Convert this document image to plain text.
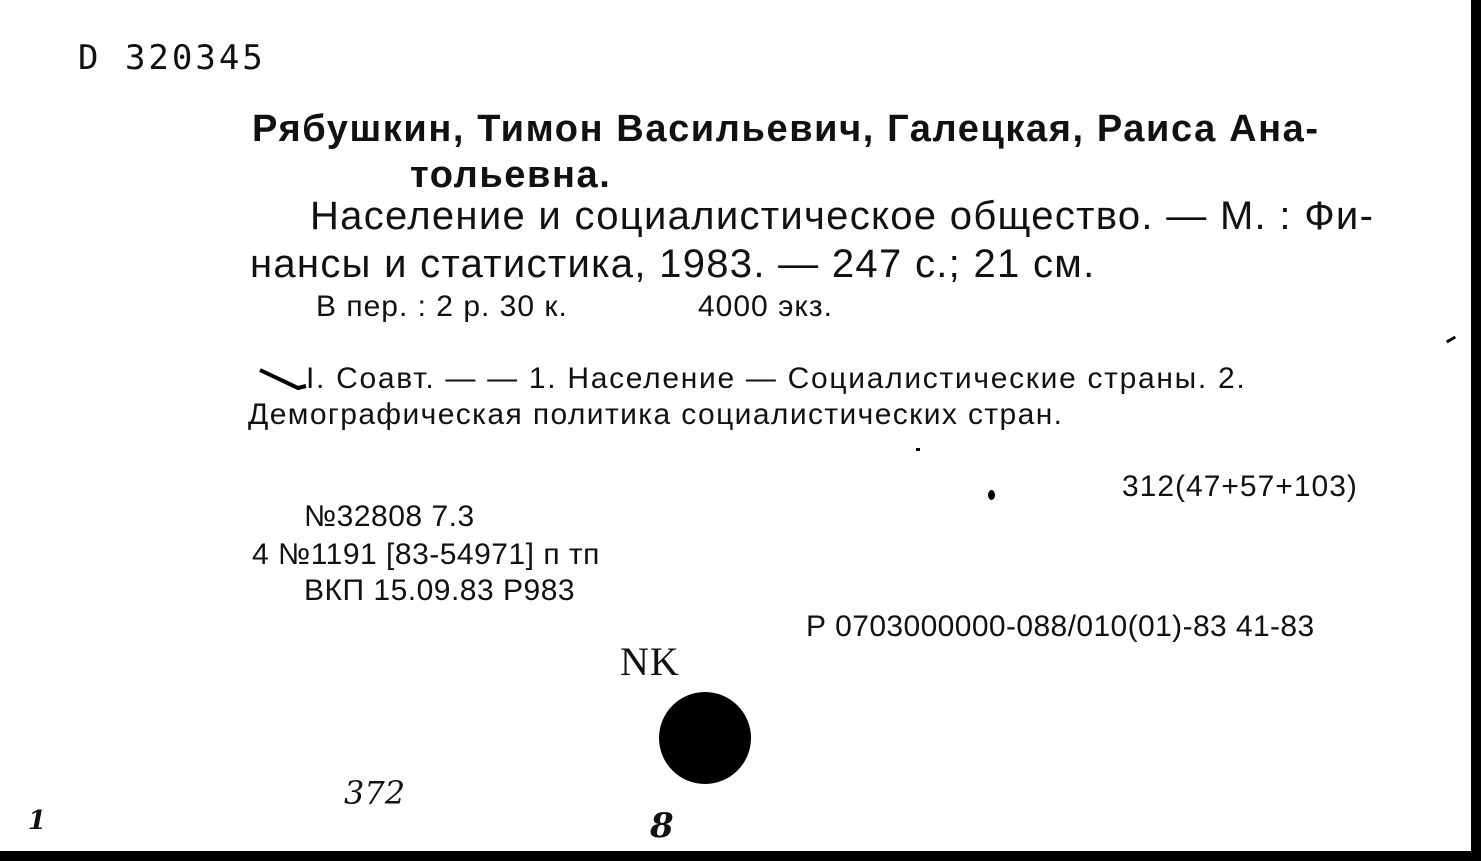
D 320345
Рябушкин, Тимон Васильевич, Галецкая, Раиса Ана-
тольевна.
Население и социалистическое общество. — М. : Фи-
нансы и статистика, 1983. — 247 с.; 21 см.
В пер. : 2 р. 30 к.	4000 экз.
I. Соавт. — — 1. Население — Социалистические страны. 2.
Демографическая политика социалистических стран.
312(47+57+103)
№32808 7.3
4 №1191 [83-54971] п тп
ВКП 15.09.83 Р983
Р 0703000000-088/010(01)-83 41-83
NK
372
1	8
